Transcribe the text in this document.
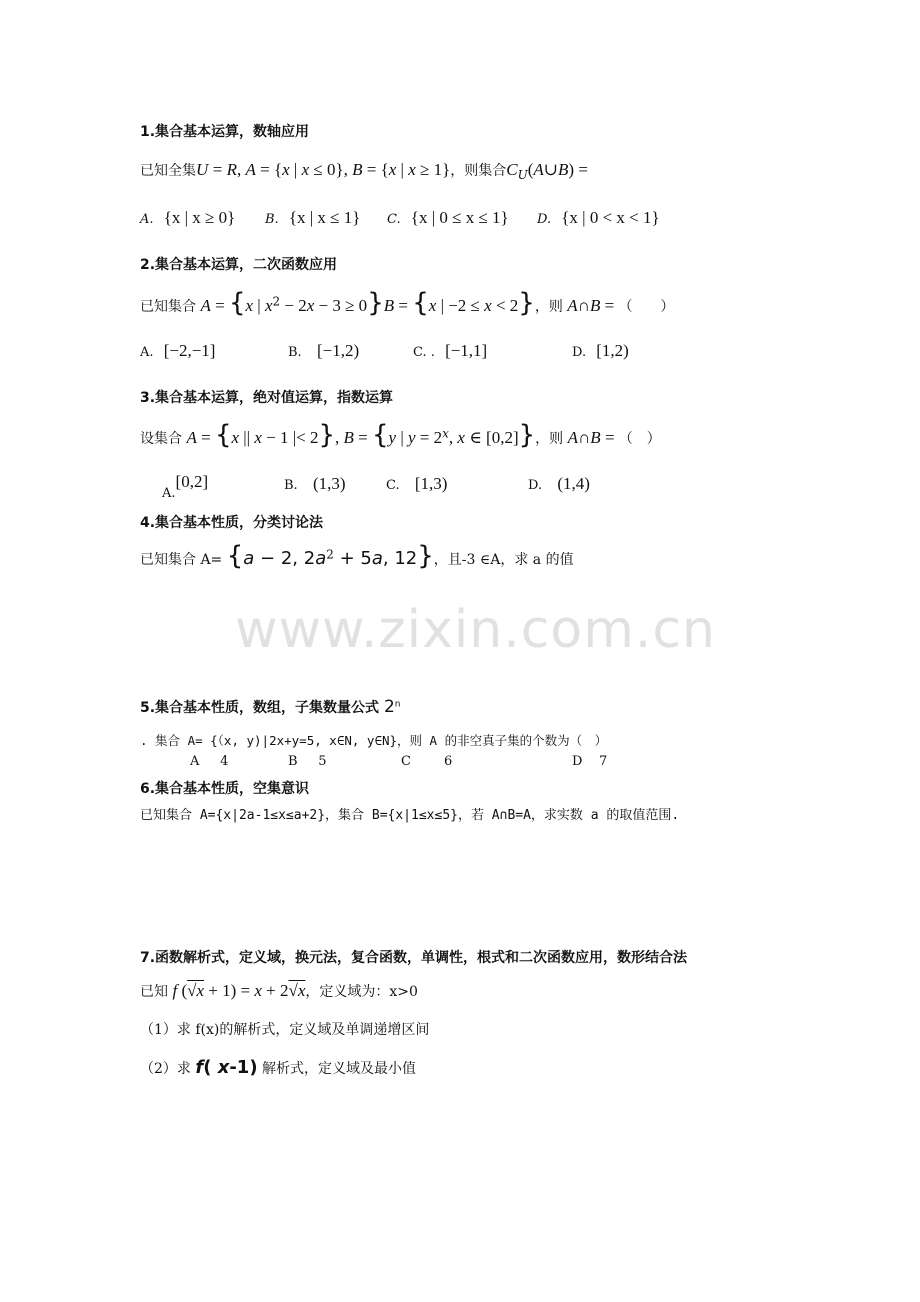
www.zixin.com.cn
1.集合基本运算，数轴应用
已知全集U = R, A = {x | x ≤ 0}, B = {x | x ≥ 1}，则集合$C_U(A\cup B)$ =
A. {x | x ≥ 0} B. {x | x ≤ 1} C. {x | 0 ≤ x ≤ 1} D. {x | 0 < x < 1}
2.集合基本运算，二次函数应用
已知集合 A = {x | $x^2 - 2x - 3 \ge 0\}B = \{x$ | −2 ≤ x < 2}，则 A∩B = （　　）
A. [−2,−1]	B. [−1,2)	C. . [−1,1]	D. [1,2)
3.集合基本运算，绝对值运算，指数运算
设集合 A = {x || x − 1 |< 2}, B = {y | $y = 2^x$, x ∈ [0,2]}，则 A∩B = （　）
$_{A.}$[0,2]	B. (1,3)	C. [1,3)	D. (1,4)
4.集合基本性质，分类讨论法
已知集合 A= {a − 2, $2a^2 + 5a$, 12}，且-3 ∈A，求 a 的值
5.集合基本性质，数组，子集数量公式 2$^n$
. 集合 A= {（x, y)|2x+y=5, x∈N, y∈N}，则 A 的非空真子集的个数为（　）
A 4	B 5	C	6	D 7
6.集合基本性质，空集意识
已知集合 A={x|2a-1≤x≤a+2}，集合 B={x|1≤x≤5}，若 A∩B=A，求实数 a 的取值范围.
7.函数解析式，定义域，换元法，复合函数，单调性，根式和二次函数应用，数形结合法
已知 f (√x + 1) = x + 2√x，定义域为：x>0
（1）求 f(x)的解析式，定义域及单调递增区间
（2）求 f( x-1) 解析式，定义域及最小值
